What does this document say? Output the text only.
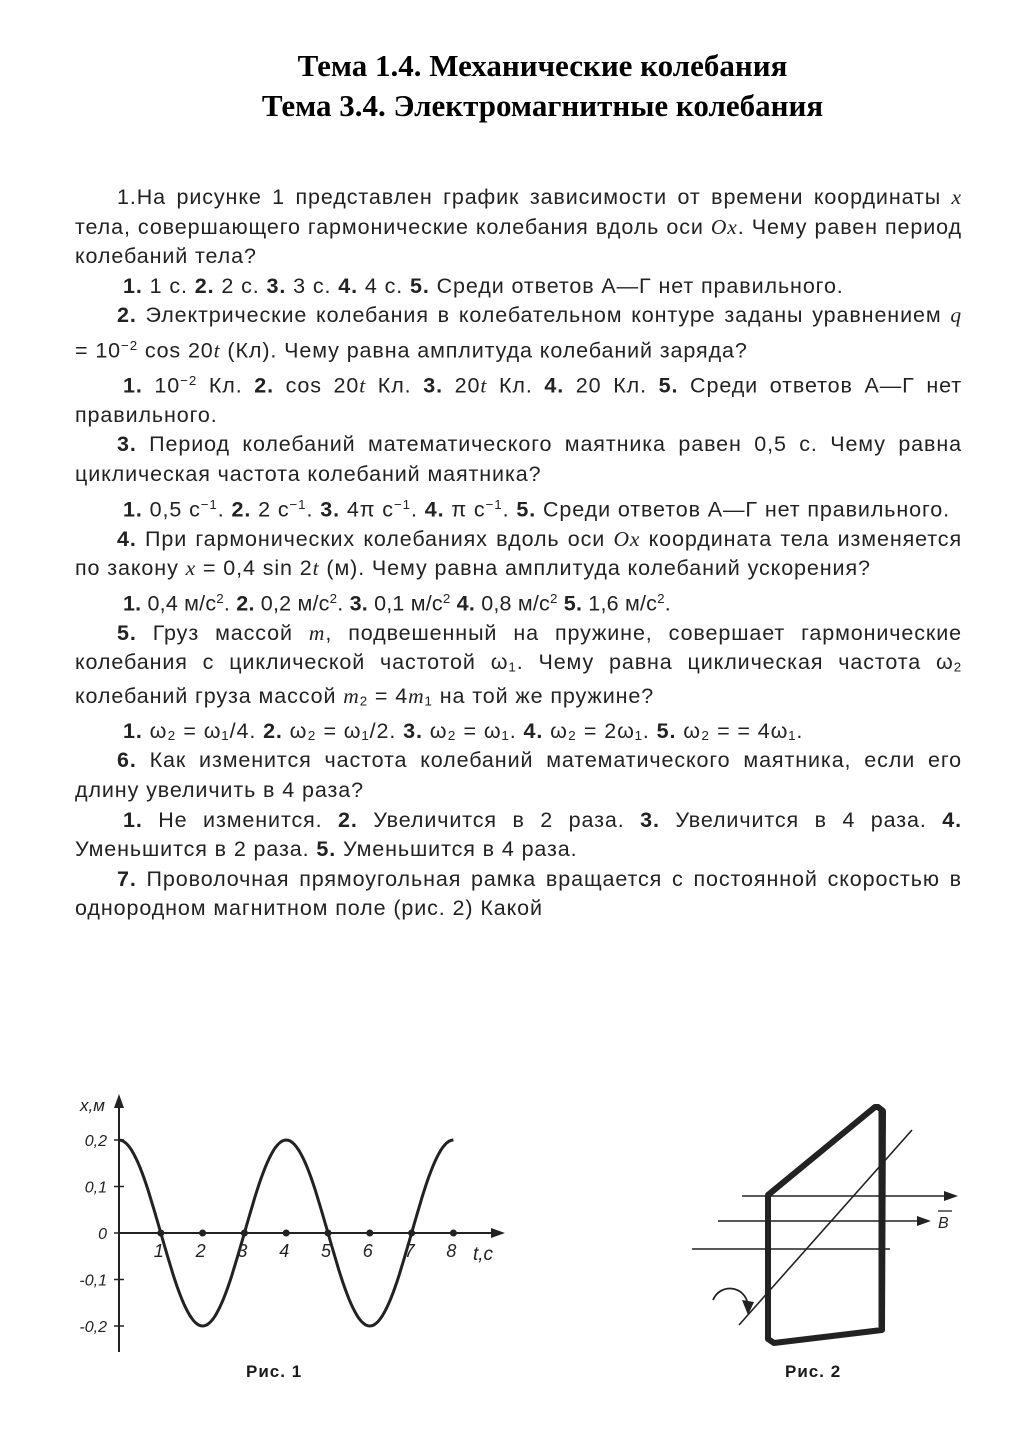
Тема 1.4. Механические колебания
Тема 3.4. Электромагнитные колебания

1.На рисунке 1 представлен график зависимости от времени координаты x тела, совершающего гармонические колебания вдоль оси Ox. Чему равен период колебаний тела?

1. 1 с. 2. 2 с. 3. 3 с. 4. 4 с. 5. Среди ответов А—Г нет правильного.

2. Электрические колебания в колебательном контуре заданы уравнением $q = 10^{-2}$ cos 20t (Кл). Чему равна амплитуда колебаний заряда?

1. $10^{-2}$ Кл. 2. cos 20t Кл. 3. 20t Кл. 4. 20 Кл. 5. Среди ответов А—Г нет правильного.

3. Период колебаний математического маятника равен 0,5 с. Чему равна циклическая частота колебаний маятника?

1. 0,5 $с^{-1}$. 2. 2 $с^{-1}$. 3. 4π $с^{-1}$. 4. π $с^{-1}$. 5. Среди ответов А—Г нет правильного.

4. При гармонических колебаниях вдоль оси Ox координата тела изменяется по закону x = 0,4 sin 2t (м). Чему равна амплитуда колебаний ускорения?

1. 0,4 $м/с^2$. 2. 0,2 $м/с^2$. 3. 0,1 $м/с^2$ 4. 0,8 $м/с^2$ 5. 1,6 $м/с^2$.

5. Груз массой m, подвешенный на пружине, совершает гармонические колебания с циклической частотой ω1. Чему равна циклическая частота ω2 колебаний груза массой m2 = 4m1 на той же пружине?

1. ω₂ = ω₁/4. 2. ω₂ = ω₁/2. 3. ω₂ = ω₁. 4. ω₂ = 2ω₁. 5. ω₂ = = 4ω₁.

6. Как изменится частота колебаний математического маятника, если его длину увеличить в 4 раза?

1. Не изменится. 2. Увеличится в 2 раза. 3. Увеличится в 4 раза. 4. Уменьшится в 2 раза. 5. Уменьшится в 4 раза.

7. Проволочная прямоугольная рамка вращается с постоянной скоростью в однородном магнитном поле (рис. 2) Какой

x,м
t,c
0,2
0,1
0
-0,1
-0,2
1 2 3 4 5 6 7 8
Рис. 1
B
Рис. 2
